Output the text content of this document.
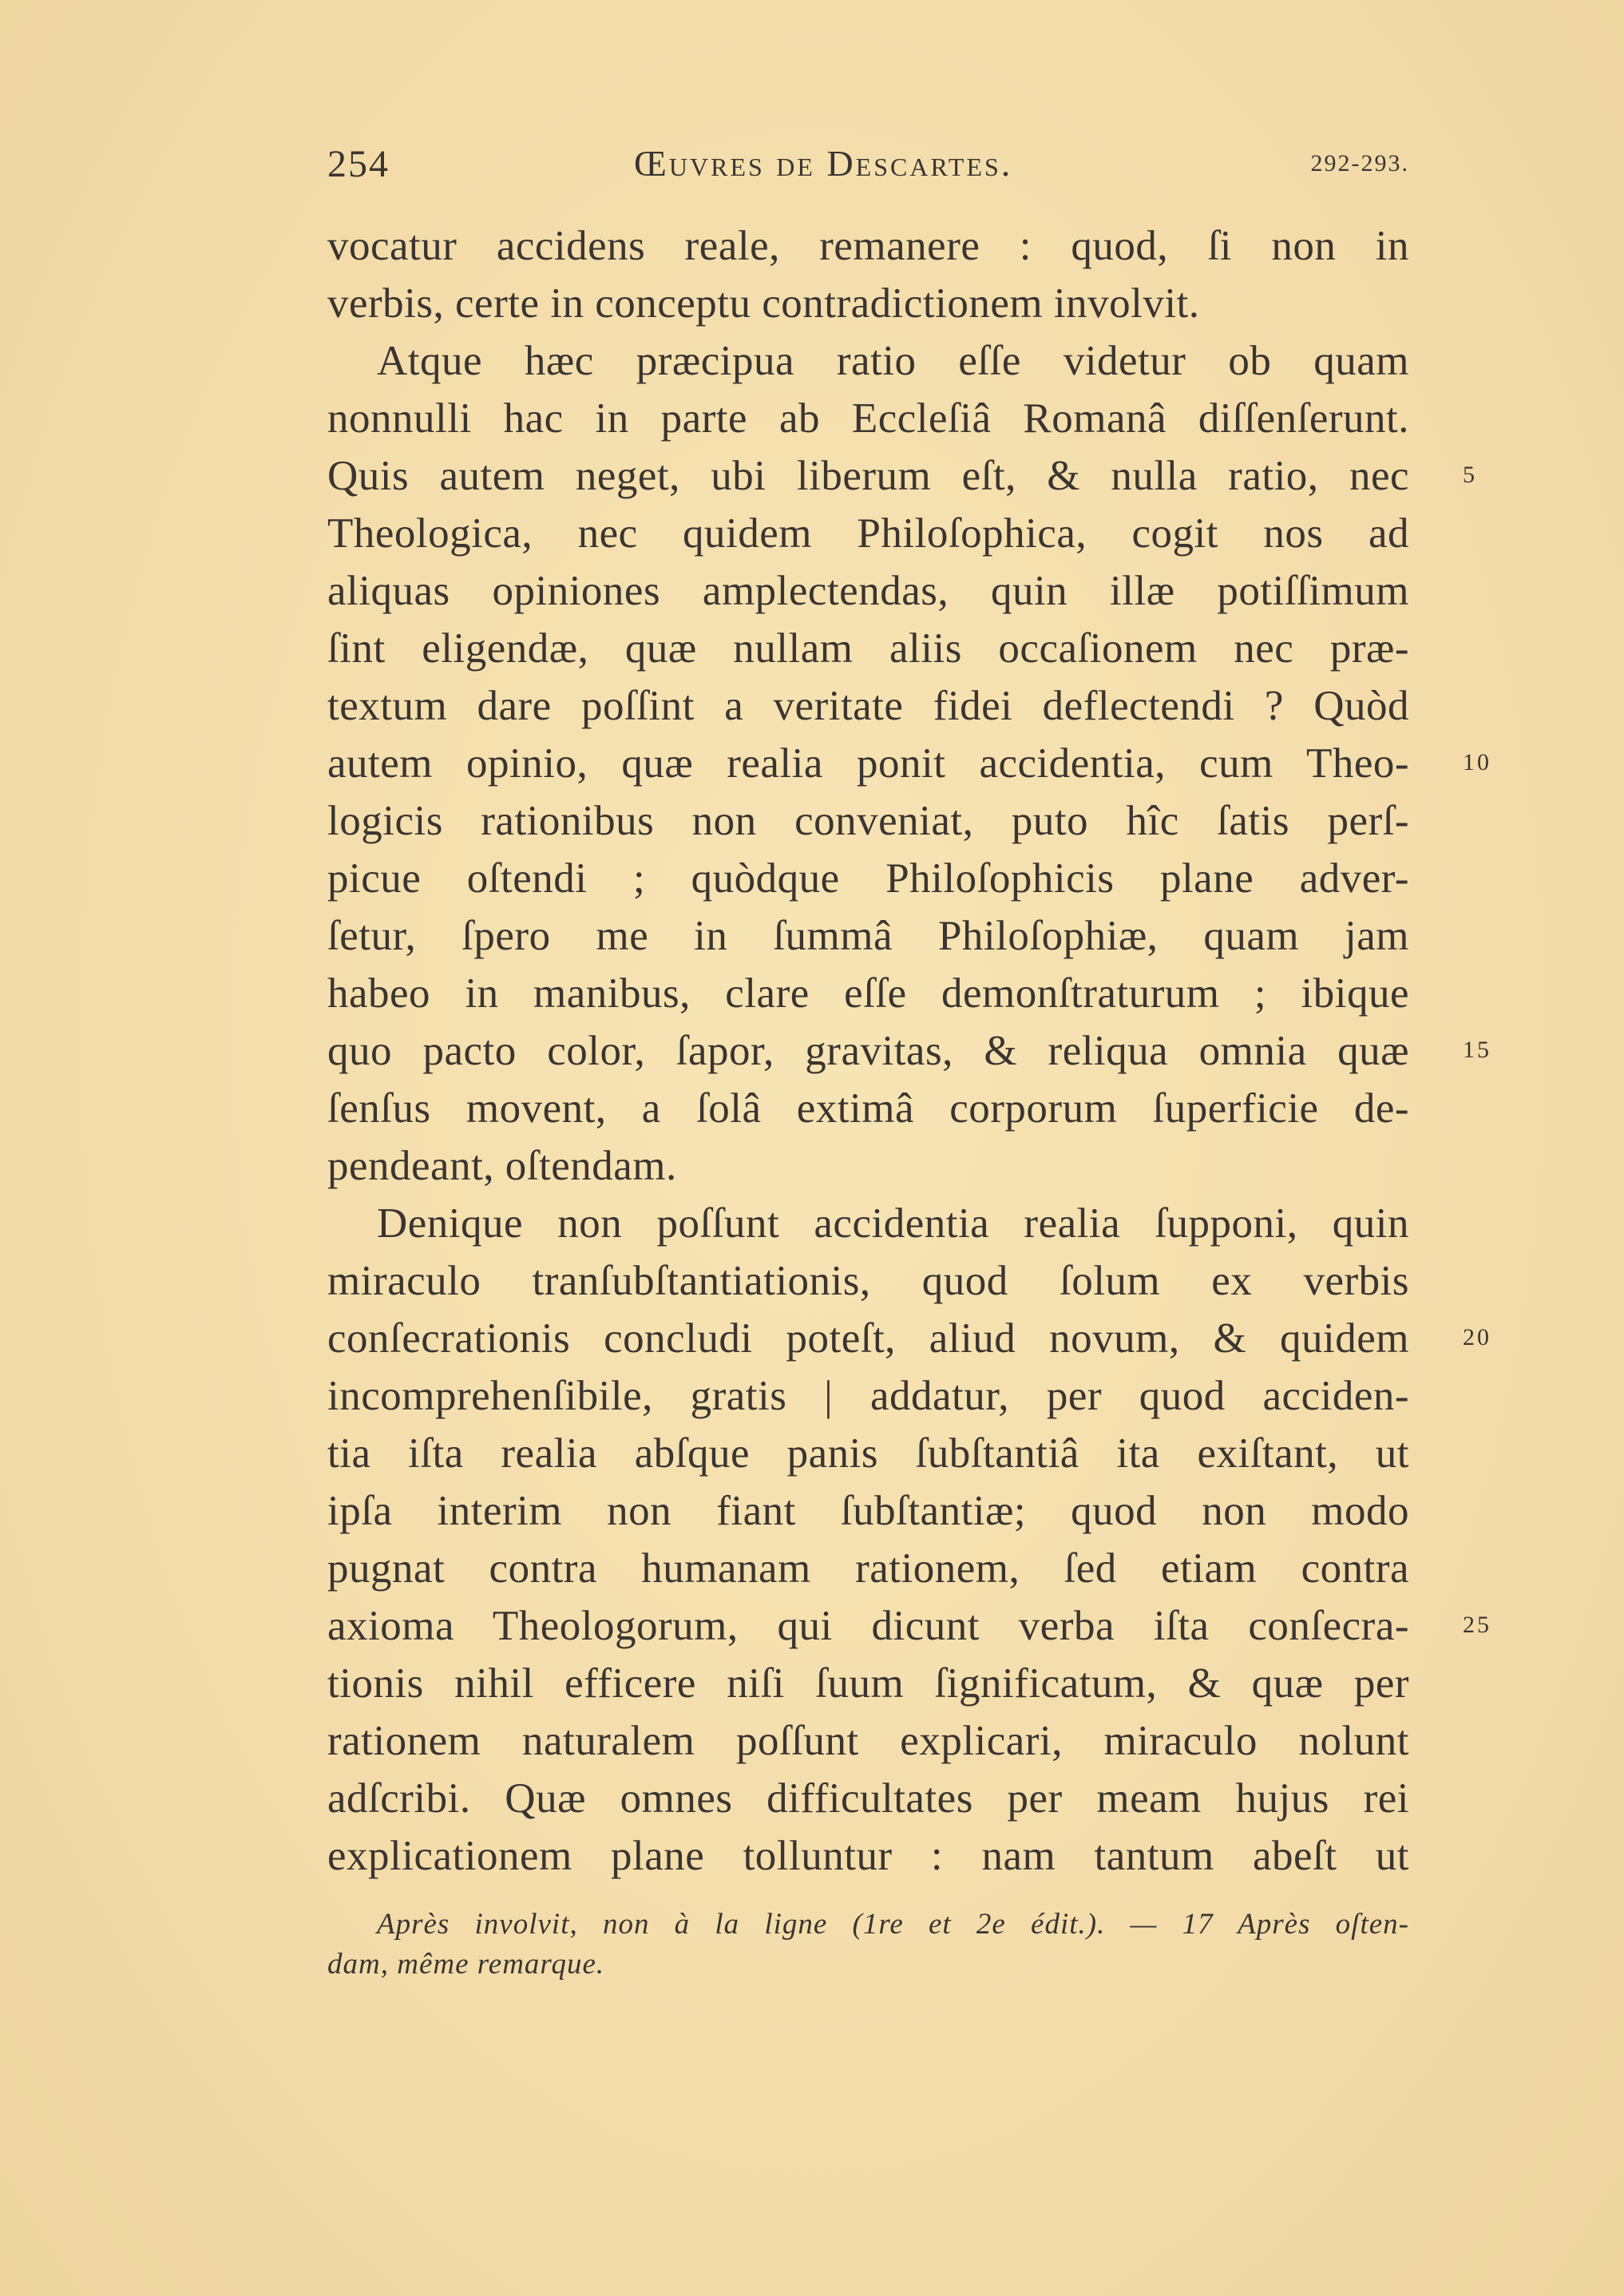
254	Œuvres de Descartes.	292-293.
vocatur accidens reale, remanere : quod, ſi non in
verbis, certe in conceptu contradictionem involvit.
Atque hæc præcipua ratio eſſe videtur ob quam
nonnulli hac in parte ab Eccleſiâ Romanâ diſſenſerunt.
Quis autem neget, ubi liberum eſt, & nulla ratio, nec
Theologica, nec quidem Philoſophica, cogit nos ad
aliquas opiniones amplectendas, quin illæ potiſſimum
ſint eligendæ, quæ nullam aliis occaſionem nec præ-
textum dare poſſint a veritate fidei deflectendi ? Quòd
autem opinio, quæ realia ponit accidentia, cum Theo-
logicis rationibus non conveniat, puto hîc ſatis perſ-
picue oſtendi ; quòdque Philoſophicis plane adver-
ſetur, ſpero me in ſummâ Philoſophiæ, quam jam
habeo in manibus, clare eſſe demonſtraturum ; ibique
quo pacto color, ſapor, gravitas, & reliqua omnia quæ
ſenſus movent, a ſolâ extimâ corporum ſuperficie de-
pendeant, oſtendam.
Denique non poſſunt accidentia realia ſupponi, quin
miraculo tranſubſtantiationis, quod ſolum ex verbis
conſecrationis concludi poteſt, aliud novum, & quidem
incomprehenſibile, gratis | addatur, per quod acciden-
tia iſta realia abſque panis ſubſtantiâ ita exiſtant, ut
ipſa interim non fiant ſubſtantiæ; quod non modo
pugnat contra humanam rationem, ſed etiam contra
axioma Theologorum, qui dicunt verba iſta conſecra-
tionis nihil efficere niſi ſuum ſignificatum, & quæ per
rationem naturalem poſſunt explicari, miraculo nolunt
adſcribi. Quæ omnes difficultates per meam hujus rei
explicationem plane tolluntur : nam tantum abeſt ut
5
10
15
20
25
Après involvit, non à la ligne (1re et 2e édit.). — 17 Après oſten-
dam, même remarque.
